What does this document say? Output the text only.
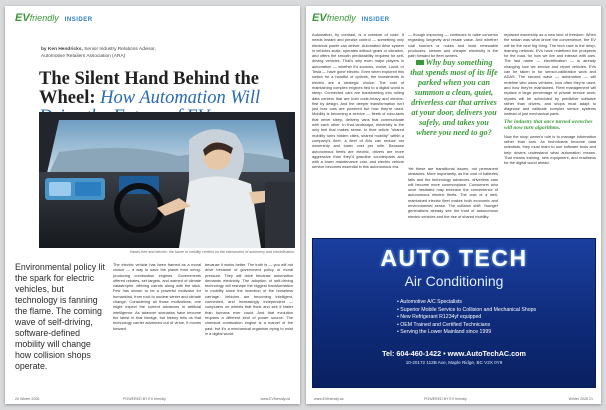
EV friendly INSIDER
by Ken Hendricks, Senior Industry Relations Advisor,
Automotive Retailers Association (ARA)
The Silent Hand Behind the Wheel: How Automation Will
Hands-free and electric: the future of mobility centers on the intersection of autonomy and electrification.
Environmental policy lit the spark for electric vehicles, but technology is fanning the flame. The coming wave of self-driving, software-defined mobility will change how collision shops operate.
The electric vehicle has been framed as a moral choice — a way to save the planet from smog-producing combustion engines. Governments offered rebates, set targets, and warned of climate catastrophe, offering carrots along with the stick. Few has shown to be a powerful motivator for humankind, from rock to nuclear winter and climate change. Considering all those motivations, one might expect the current advances in artificial intelligence. As takeover scenarios have become the latest in that lineage, but history tells us that technology carrier advances out of virtue, it moves forward
because it works better. The truth is — you will not drive because of government policy or moral pressure. They will drive because automation demands electricity. The adoption of self-driving technology will reshape the biggest transformation in mobility since the invention of the horseless carriage. Vehicles are becoming intelligent, connected, and increasingly independent — computers on wheels that think and see it faster than humans ever could. And that evolution requires a different kind of power source. The chemical combustion engine is a marvel of the past, but it's a mechanical organism trying to exist in a digital world.
20 Winter 2026	POWERED BY EV friendly	www.EVfriendly.ca
EV friendly INSIDER
Automation, by contrast, is a creature of code. It needs instant and precise control — something only electrical power can deliver. Automated drive system in vehicles scale, operates without gears or vibration, and offers the smooth predictability required for self-driving vehicles. That's why even major players in automation — whether it's sources, cruise, Lucid, or Tesla — have gone electric. Even when explored this switch for a handful of options, the investments in electric are a strategic choice. The cost of maintaining complex engines tied to a digital world is steep. Connected cars are transforming into rolling data centers that are both code-heavy and electric-first by design. And the deeper transformation isn't just how cars are powered but how they're used. Mobility is becoming a service — fleets of robo-taxis that never sleep, delivery vans that communicate with each other. In that landscape, electricity is the only fuel that makes sense. In their article "shared mobility turns hidden cities, shared mobility" within a company's fleet, a fleet of AVs can reduce car ownership and lower cost per mile. Because autonomous fleets are electric, drivers are more aggressive than they'd gasoline counterparts and with a lower maintenance cost, and electric vehicle service becomes essential in this autonomous era.
— though improving — continues to raise concerns regarding longevity and resale value. And whether coal sources or nukes and most renewable producers, cleaner and cheaper electricity is the path forward for fleet owners.
Why buy something that spends most of its life parked when you can summon a clean, quiet, driverless car that arrives at your door, delivers you safely, and takes you where you need to go?
Yet these are transitional issues, not permanent obstacles. More importantly, as the cost of batteries falls and the technology advances, driverless cars will become more commonplace. Consumers who once hesitated may embrace the convenience of autonomous electric fleets. The cost of a well-maintained electric fleet makes both economic and environmental sense. The collision shift: Younger generations already see the trust of autonomous electric vehicles and the rise of shared mobility.
replaced ownership as a new kind of freedom. When the sedan was what drove the convenience, the EV will be the next big thing. The tech race is the deep-learning network: EVs have redefined the prospects for the road, for how we live and interact with cars. The last name — electrification — is already changing how we service and repair vehicles. EVs can be taken in for sensor-calibration work and ADAS. The second wave — automation — will redefine who owns vehicles, how often they're used, and how they're maintained. Fleet management will replace a large percentage of private service work; repairs will be scheduled by predictive software rather than drivers, and shops must adapt to diagnose and calibrate complex sensor systems instead of just mechanical parts.
The industry that once turned wrenches will now turn algorithms.
Now the shop owner's role is to manage information rather than cars. As technicians become data scientists, they must learn to use software tools and help drivers understand what automation means. That means training, new equipment, and readiness for the digital world ahead.
AUTO TECH
Air Conditioning
• Automotive A/C Specialists
• Superior Mobile Service to Collision and Mechanical Shops
• New Refrigerant R1234yf equipped
• OEM Trained and Certified Technicians
• Serving the Lower Mainland since 1999
Tel: 604-460-1422 • www.AutoTechAC.com
10-20172 113B Ave, Maple Ridge, BC V2X 0Y9
www.EVfriendly.ca	POWERED BY EV friendly	Winter 2026 21
